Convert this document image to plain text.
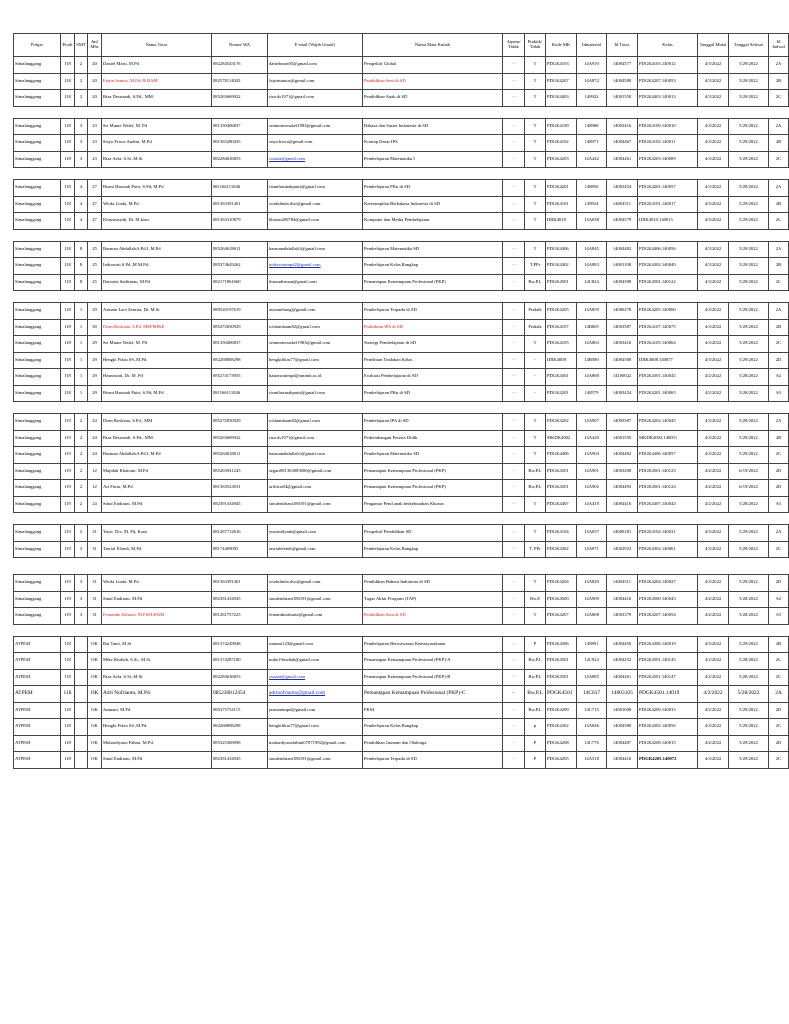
Pokjar	Prodi	SMT	Jml Mhs	Nama Tutor	Nomor WA	E-mail (Wajib Gmail)	Nama Mata Kuliah	Atpem/ Tidak	Praktik/ Tidak	Kode MK	Idmaterial	Id Tutor	Kelas	Tanggal Mulai	Tanggal Selesai	Id Jadwal
Simalanggang	118	2	20	Daniel Marti, M.Pd	082284543176	danielmart05@gmail.com	Perspektif Global	-	T	PDGK4103	14A910	14004577	PDGK4103.140012	4/3/2022	5/29/2022	2A
Simalanggang	118	2	20	Fajrin Santoz, M.Pd./ILHAM	082578114043	fajrinsantoz@gmail.com	Pendidikan Seni di SD	-	T	PDGK4207	14A872	14004580	PDGK4207.140053	4/3/2022	5/29/2022	2B
Simalanggang	118	2	20	Riza Desriandi, S.Pd., MM.	085263669922	riza.ds1971@gmail.com	Pendidikan Anak di SD	-	T	PDGK4403	149922	14001550	PDGK4403.140013	4/3/2022	5/29/2022	2C

Simalanggang	118	3	23	Sri Munte Walef, M. Pd	081350406837	srimunteouskef1983@gmail.com	Bahasa dan Sastra Indonesia di SD	-	T	PDGK4109	148968	14003416	PDGK4109.140010	4/3/2022	5/29/2022	2A
Simalanggang	118	3	23	Sisyo Frisca Andini, M.Pd	081363280435	sisyofrisca@gmail.com	Konsep Dasar IPS	-	T	PDGK4102	148971	14004467	PDGK4102.140011	4/3/2022	5/29/2022	2B
Simalanggang	118	3	23	Riza Aefa, S.Si.,M.Si.	082284636853	risaafa@gmail.com	Pembelajaran Matematika I	-	T	PDGK4203	14A442	14004261	PDGK4203.140009	4/3/2022	5/29/2022	2C

Simalanggang	118	4	27	Rismi Hasinah Putri, S.Pd, M.Pd	081166111046	rismihasinahputri@gmail.com	Pembelajaran PKn di SD	-	T	PDGK4201	148850	14003454	PDGK4201.140057	4/3/2022	5/29/2022	2A
Simalanggang	118	4	27	Wirda Linda, M.Pd.	081363391401	wirdalinda.dwi@gmail.com	Keterampilan Berbahasa Indonesia di SD	-	T	PDGK4101	149924	14004511	PDGK4101.140017	4/3/2022	5/29/2022	2B
Simalanggang	118	4	27	Khrusnisyah, Dr. M.kom	081363310879	khrusn200784@gmail.com	Komputer dan Media Pembelajaran	-	T	IDIK4010	14A038	14004579	IDIK4010.140015	4/3/2022	5/29/2022	2C

Simalanggang	118	8	25	Basman Abdullah,S.Pd.I.,M.Pd	085264618611	basmanabdullah1@gmail.com	Pembelajaran Matematika SD	-	T	PDGK4406	14A845	14004482	PDGK4406.140056	4/3/2022	5/29/2022	2A
Simalanggang	118	8	25	Indrawati,S.Pd.,M.M.Pd.	085374649262	indrawatimpd2@gmail.com	Pembelajaran Kelas Rangkap	-	T,PPr	PDGK4302	14A883	14001108	PDGK4302.140040	4/3/2022	5/29/2022	2B
Simalanggang	118	8	25	Darsaria Sudirman, M.Pd	082171861660	thiasudirman@gmail.com	Pemantapan Kemampuan Profesional (PKP)	-	Bw,P,L	PDGK4501	14C824	14004398	PDGK4501.140122	4/3/2022	5/29/2022	2C

Simalanggang	118	1	29	Asmain Laoi Zenrita, Dr. M.Si	089520197619	asriamthong@gmail.com	Pembelajaran Terpadu di SD	-	Praktik	PDGK4205	14A859	14000278	PDGK4205.140060	4/3/2022	5/29/2022	2A
Simalanggang	118	1	30	Dean Rosliana, S.Pd, MM/MIKE	085272050929	roslanidaam82@gmail.com	Praktikum IPA di SD	-	Praktik	PDGK4107	14B605	14003587	PDGK4107.140075	4/3/2022	5/29/2022	2B
Simalanggang	118	1	29	Sri Munte Walef, M. Pd	081350406837	srimunteouskef1983@gmail.com	Strategi Pembelajaran di SD	-	T	PDGK4105	14A863	14003416	PDGK4105.140064	4/3/2022	5/29/2022	2C
Simalanggang	118	1	29	Hengki Fikru SS.,M.Pd.	082268898298	hengkifikru77@gmail.com	Penelitian Tindakan Kelas	-	-	IDIK4008	14B580	14004580	IDIK4008.140077	4/3/2022	5/29/2022	2D
Simalanggang	118	1	29	Hasnawati, Dr. M. Pd	085274173955	hasnawatimpd@unimb.ac.id	Evaluasi Pembelajaran di SD	-	-	PDGK4301	14A860	14100022	PDGK4301.140045	4/2/2022	5/28/2022	S2
Simalanggang	118	1	29	Rismi Hasinah Putri, S.Pd, M.Pd	081166111046	rismihasinahputri@gmail.com	Pembelajaran PKn di SD	-	-	PDGK4201	148579	14003454	PDGK4201.140065	4/2/2022	5/28/2022	S3

Simalanggang	119	2	24	Dean Rosliana, S.Pd., MM	085272050929	roslanidaam82@gmail.com	Pembelajaran IPA di SD	-	T	PDGK4202	14A907	14003587	PDGK4202.140045	4/3/2022	5/29/2022	2A
Simalanggang	119	2	24	Riza Desriandi, S.Pd., MM.	085263669922	riza.ds1971@gmail.com	Perkembangan Peserta Didik	-	T	MKDK4002	14A420	14001550	MKDK4002.140051	4/3/2022	5/29/2022	2B
Simalanggang	119	2	24	Basman Abdullah,S.Pd.I.,M.Pd	085264618611	basmanabdullah1@gmail.com	Pembelajaran Matematika SD	-	T	PDGK4406	14A904	14004482	PDGK4406.140057	4/3/2022	5/29/2022	2C
Simalanggang	119	2	12	Majidah Khairani, M.Pd	085263941245	segari081363083000@gmail.com	Pemantapan Kemampuan Profesional (PKP)	-	Bw,P,L	PDGK4501	14A901	14003208	PDGK4501.140123	4/2/2022	6/19/2022	2D
Simalanggang	119	2	12	Ari Fitria, M.Pd.	081363523031	arifitria54@gmail.com	Pemantapan Kemampuan Profesional (PKP)	-	Bw,P,L	PDGK4501	14A902	14004493	PDGK4501.140124	4/2/2022	6/19/2022	2D
Simalanggang	119	2	24	Sinul Endriani, M.Pd	082391434945	sinulendriani180191@gmail.com	Pengantar Pend anak berkebutuhan Khusus	-	T	PDGK4407	14A418	14004416	PDGK4407.140044	4/2/2022	5/28/2022	S3

Simalanggang	119	3	31	Yusri. Drs. M. Pd, Kons	081267712616	yusrimilyam@gmail.com	Perspektif Pendidikan SD	-	T	PDGK4104	14A837	14000181	PDGK4104.140031	4/3/2022	5/29/2022	2A
Simalanggang	119	3	31	Tasrial Efendi, M.Pd	08174409005	tasrialefendi@gmail.com	Pembelajaran Kelas Rangkap	-	T, PPr	PDGK4302	14A871	14002923	PDGK4302.140061	4/3/2022	5/29/2022	2C
Simalanggang	119	3	31	Wirda Linda, M.Pd.	081363391401	wirdalinda.dwi@gmail.com	Pendidikan Bahasa Indonesia di SD	-	T	PDGK4204	14A829	14004511	PDGK4204.140027	4/3/2022	5/29/2022	2D
Simalanggang	119	3	31	Sinul Endriani, M.Pd	082391434945	sinulendriani180191@gmail.com	Tugas Akhir Program (TAP)	-	Bw,E	PDGK4500	14A909	14004416	PDGK4500.140043	4/2/2022	5/28/2022	S2
Simalanggang	119	3	31	Fernando Zaharia, M.Pd/ILHAM	081261757223	fernandozaharia@gmail.com	Pendidikan Seni di SD	-	T	PDGK4207	14A868	14003379	PDGK4207.140054	4/2/2022	5/28/2022	S3

ATPEM	118		OK	Rai Tami, M.Si	081374248948	rtammi123@gmail.com	Pembelajaran Berwawasan Kemasyarakatan	-	P	PDGK4306	149891	14004456	PDGK4306.140019	4/3/2022	5/29/2022	2B
ATPEM	118		OK	Mike Risdiah, S.Si., M.Si.	081374287180	mike19risdiah@gmail.com	Pemantapan Kemampuan Profesional (PKP)-A	-	Bw,P,L	PDGK4501	14C924	14004252	PDGK4501.140145	4/2/2022	5/28/2022	2C
ATPEM	118		OK	Riza Aefa, S.Si.,M.Si.	082284636853	risaafa@gmail.com	Pemantapan Kemampuan Profesional (PKP)-B	-	Bw,P,L	PDGK4501	14A885	14004261	PDGK4501.140147	4/2/2022	5/28/2022	2C
ATPEM	118		OK	Adri Nofrianto, M.Pd.	085230812454	adrinofrianto@gmail.com	Pemantapan Kemampuan Profesional (PKP)-C	-	Bw,P,L	PDGK4501	14C637	14003105	PDGK4501.14019	4/2/2022	5/28/2022	2A
ATPEM	118		OK	Jasmani, M.Pd	085375754115	jasmanimpd@gmail.com	PKM	-	Bw,P,L	PDGK4209	14C715	14001008	PDGK4209.140033	4/2/2022	5/29/2022	2D
ATPEM	118		OK	Hengki Fikru SS.,M.Pd.	082268898298	hengkifikru77@gmail.com	Pembelajaran Kelas Rangkap	-	p	PDGK4302	14A846	14004580	PDGK4302.140056	4/3/2022	5/29/2022	2C
ATPEM	118		OK	Muhardiyana Fahmi, M.Pd.	085325369098	mahardiyanafahmi07071992@gmail.com	Pendidikan Jasmani dan Olahraga	-	P	PDGK4208	14C776	14004487	PDGK4208.140015	4/2/2022	5/29/2022	2D
ATPEM	118		OK	Sinul Endriani, M.Pd	082391434945	sinulendriani180191@gmail.com	Pembelajaran Terpadu di SD	-	P	PDGK4205	14A518	14004416	PDGK4205.140072	4/3/2022	5/29/2022	2C
